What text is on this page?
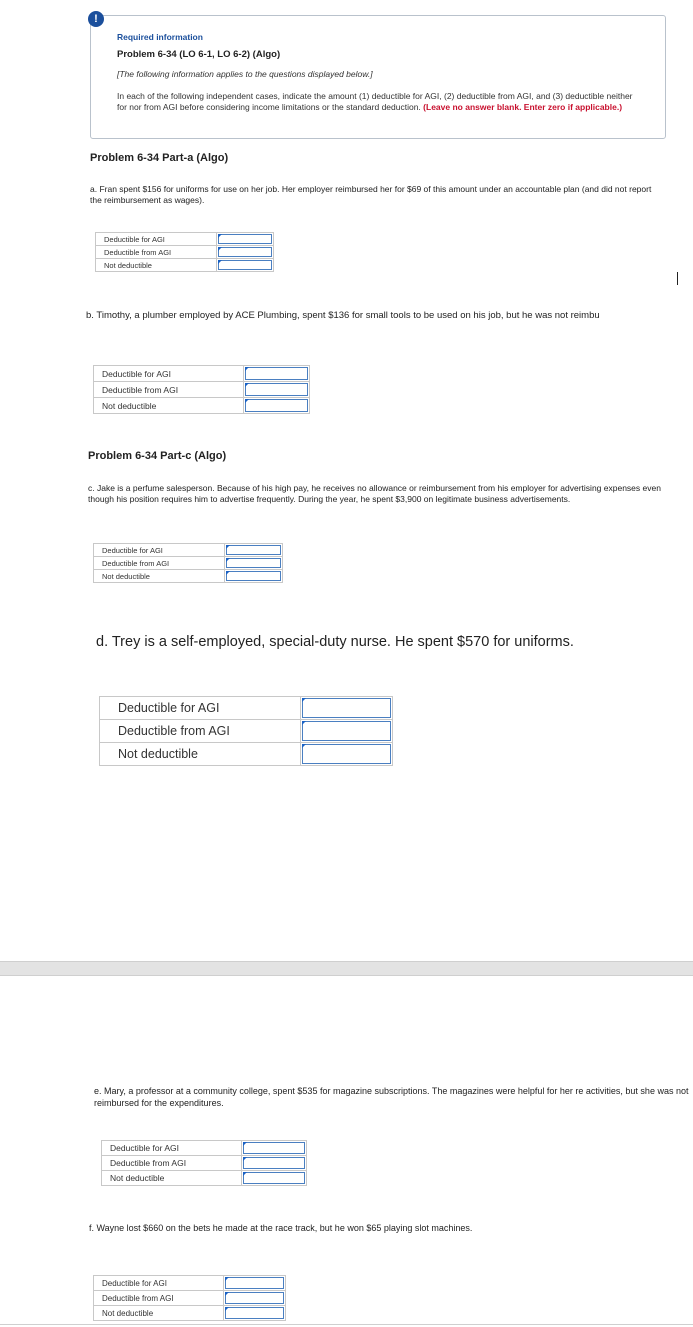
!
Required information
Problem 6-34 (LO 6-1, LO 6-2) (Algo)
[The following information applies to the questions displayed below.]
In each of the following independent cases, indicate the amount (1) deductible for AGI, (2) deductible from AGI, and (3) deductible neither for nor from AGI before considering income limitations or the standard deduction. (Leave no answer blank. Enter zero if applicable.)
Problem 6-34 Part-a (Algo)
a. Fran spent $156 for uniforms for use on her job. Her employer reimbursed her for $69 of this amount under an accountable plan (and did not report the reimbursement as wages).
Deductible for AGI	

Deductible from AGI	

Not deductible	
b. Timothy, a plumber employed by ACE Plumbing, spent $136 for small tools to be used on his job, but he was not reimbu
Deductible for AGI	

Deductible from AGI	

Not deductible	
Problem 6-34 Part-c (Algo)
c. Jake is a perfume salesperson. Because of his high pay, he receives no allowance or reimbursement from his employer for advertising expenses even though his position requires him to advertise frequently. During the year, he spent $3,900 on legitimate business advertisements.
Deductible for AGI	

Deductible from AGI	

Not deductible	
d. Trey is a self-employed, special-duty nurse. He spent $570 for uniforms.
Deductible for AGI	

Deductible from AGI	

Not deductible	
e. Mary, a professor at a community college, spent $535 for magazine subscriptions. The magazines were helpful for her re activities, but she was not reimbursed for the expenditures.
Deductible for AGI	

Deductible from AGI	

Not deductible	
f. Wayne lost $660 on the bets he made at the race track, but he won $65 playing slot machines.
Deductible for AGI	

Deductible from AGI	

Not deductible	
